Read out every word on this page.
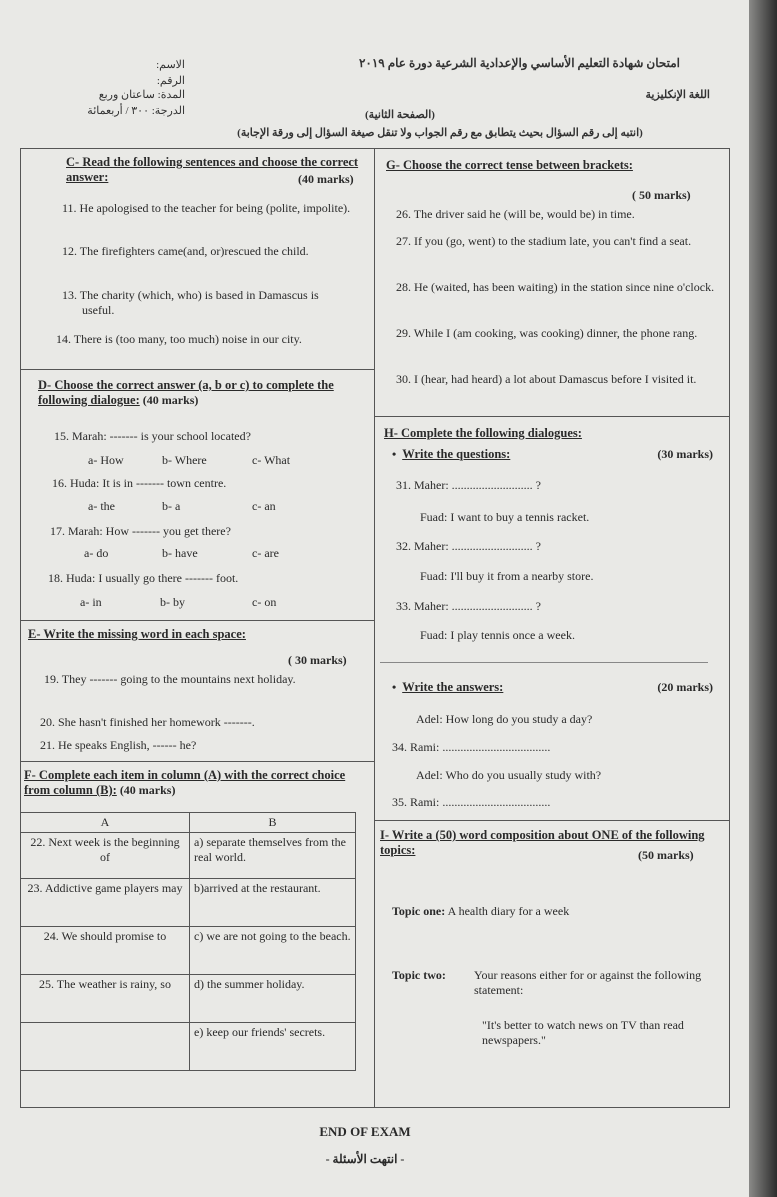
امتحان شهادة التعليم الأساسي والإعدادية الشرعية دورة عام ٢٠١٩
الاسم:
الرقم:
المدة: ساعتان وربع
الدرجة: ٣٠٠ / أربعمائة
اللغة الإنكليزية
(الصفحة الثانية)
(انتبه إلى رقم السؤال بحيث يتطابق مع رقم الجواب ولا تنقل صيغة السؤال إلى ورقة الإجابة)
C- Read the following sentences and choose the correct answer:	(40 marks)
11. He apologised to the teacher for being (polite, impolite).
12. The firefighters came(and, or)rescued the child.
13. The charity (which, who) is based in Damascus is useful.
14. There is (too many, too much) noise in our city.
D- Choose the correct answer (a, b or c) to complete the following dialogue: (40 marks)
15. Marah: ------- is your school located?
a- How	b- Where	c- What
16. Huda: It is in ------- town centre.
a- the	b- a	c- an
17. Marah: How ------- you get there?
a- do	b- have	c- are
18. Huda: I usually go there ------- foot.
a- in	b- by	c- on
E- Write the missing word in each space:
( 30 marks)
19. They ------- going to the mountains next holiday.
20. She hasn't finished her homework -------.
21. He speaks English, ------ he?
F- Complete each item in column (A) with the correct choice from column (B): (40 marks)
A	B
22. Next week is the beginning of	a) separate themselves from the real world.
23. Addictive game players may	b)arrived at the restaurant.
24. We should promise to	c) we are not going to the beach.
25. The weather is rainy, so	d) the summer holiday.
	e) keep our friends' secrets.
G- Choose the correct tense between brackets:
( 50 marks)
26. The driver said he (will be, would be) in time.
27. If you (go, went) to the stadium late, you can't find a seat.
28. He (waited, has been waiting) in the station since nine o'clock.
29. While I (am cooking, was cooking) dinner, the phone rang.
30. I (hear, had heard) a lot about Damascus before I visited it.
H- Complete the following dialogues:
•  Write the questions:	(30 marks)
31. Maher: ........................... ?
Fuad: I want to buy a tennis racket.
32. Maher: ........................... ?
Fuad: I'll buy it from a nearby store.
33. Maher: ........................... ?
Fuad: I play tennis once a week.
•  Write the answers:	(20 marks)
Adel: How long do you study a day?
34. Rami: ....................................
Adel: Who do you usually study with?
35. Rami: ....................................
I- Write a (50) word composition about ONE of the following topics:	(50 marks)
Topic one: A health diary for a week
Topic two: Your reasons either for or against the following statement:
"It's better to watch news on TV than read newspapers."
END OF EXAM
- انتهت الأسئلة -
